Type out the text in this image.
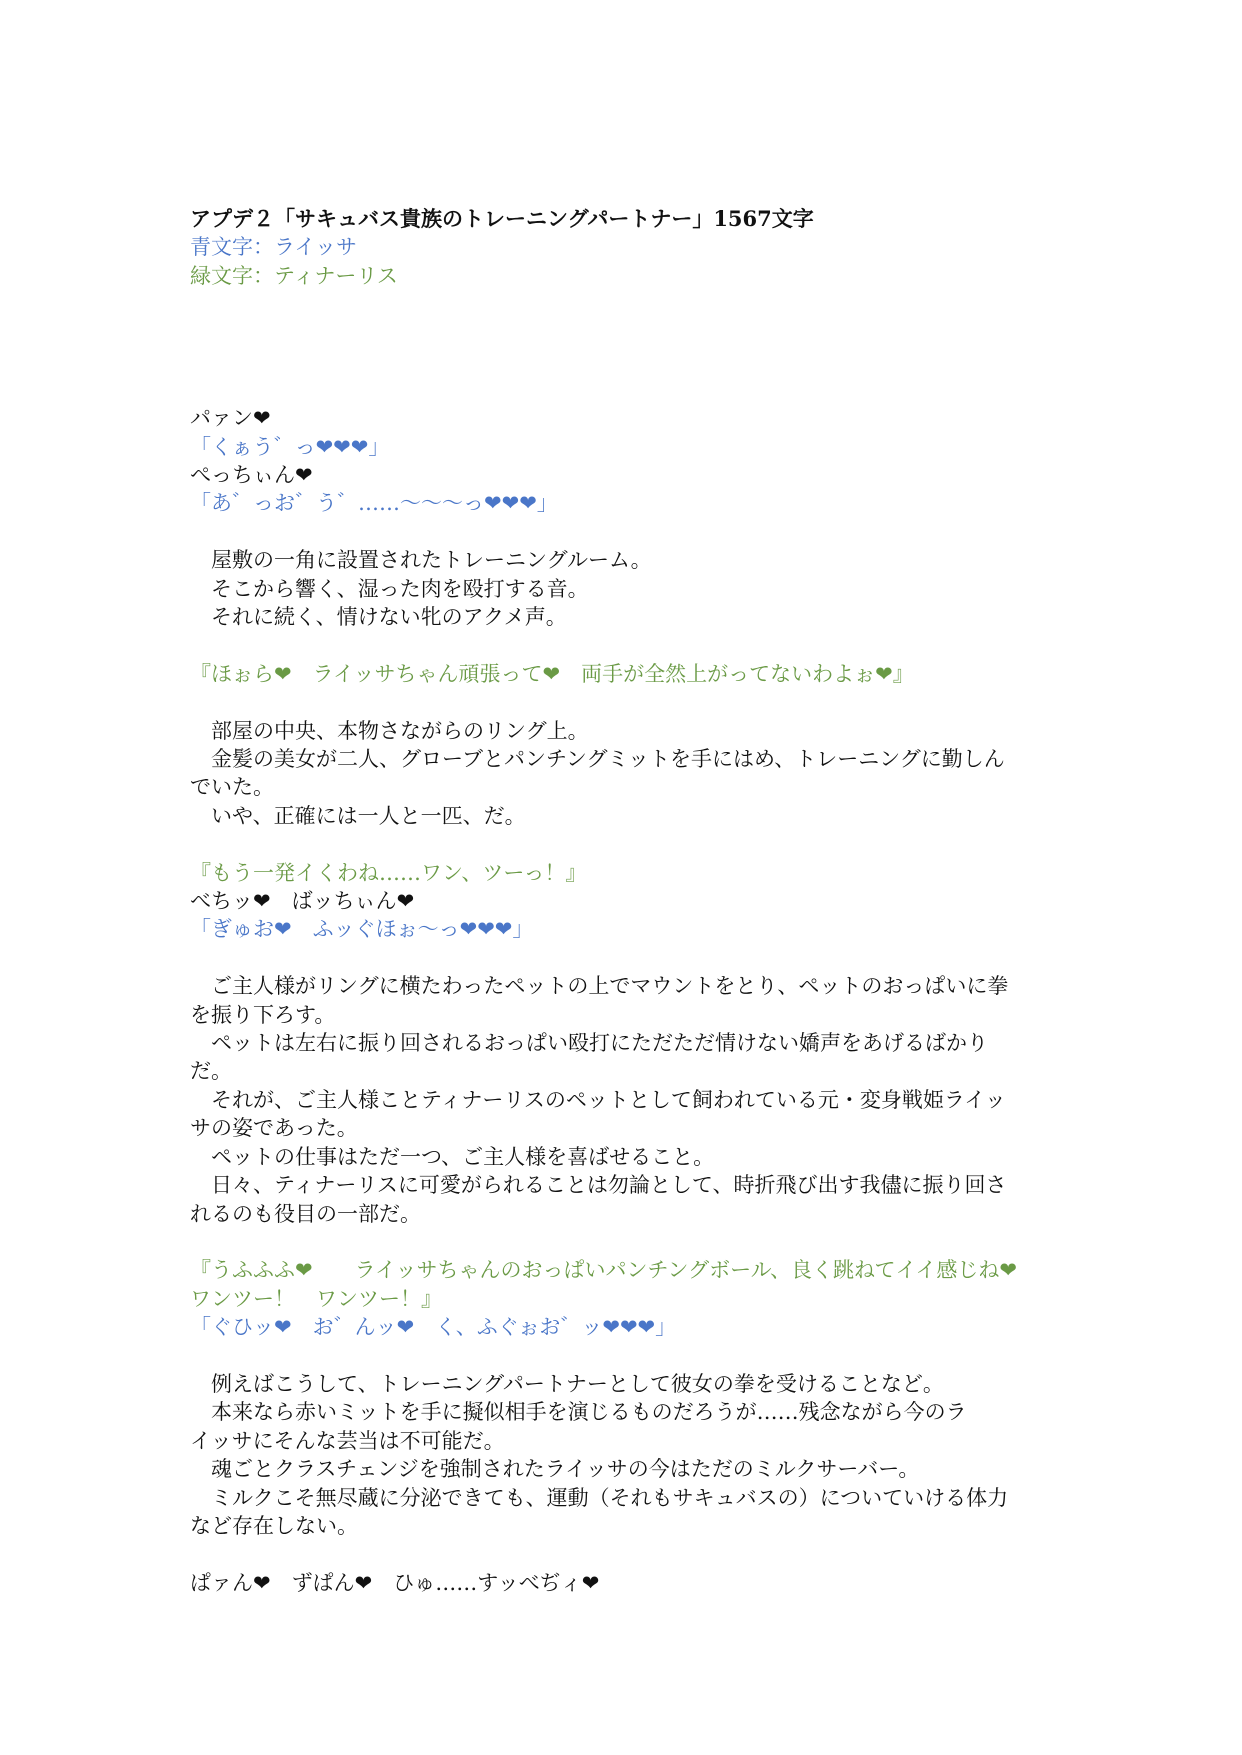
アプデ２「サキュバス貴族のトレーニングパートナー」1567文字
青文字：ライッサ
緑文字：ティナーリス
パァン❤
「くぁう゛っ❤❤❤」
ぺっちぃん❤
「あ゛っお゛う゛……〜〜〜っ❤❤❤」
　屋敷の一角に設置されたトレーニングルーム。
　そこから響く、湿った肉を殴打する音。
　それに続く、情けない牝のアクメ声。
『ほぉら❤　ライッサちゃん頑張って❤　両手が全然上がってないわよぉ❤』
　部屋の中央、本物さながらのリング上。
　金髪の美女が二人、グローブとパンチングミットを手にはめ、トレーニングに勤しん
でいた。
　いや、正確には一人と一匹、だ。
『もう一発イくわね……ワン、ツーっ！』
べちッ❤　ばッちぃん❤
「ぎゅお❤　ふッぐほぉ〜っ❤❤❤」
　ご主人様がリングに横たわったペットの上でマウントをとり、ペットのおっぱいに拳
を振り下ろす。
　ペットは左右に振り回されるおっぱい殴打にただただ情けない嬌声をあげるばかり
だ。
　それが、ご主人様ことティナーリスのペットとして飼われている元・変身戦姫ライッ
サの姿であった。
　ペットの仕事はただ一つ、ご主人様を喜ばせること。
　日々、ティナーリスに可愛がられることは勿論として、時折飛び出す我儘に振り回さ
れるのも役目の一部だ。
『うふふふ❤　　ライッサちゃんのおっぱいパンチングボール、良く跳ねてイイ感じね❤
ワンツー！　ワンツー！』
「ぐひッ❤　お゛んッ❤　く、ふぐぉお゛ッ❤❤❤」
　例えばこうして、トレーニングパートナーとして彼女の拳を受けることなど。
　本来なら赤いミットを手に擬似相手を演じるものだろうが……残念ながら今のラ
イッサにそんな芸当は不可能だ。
　魂ごとクラスチェンジを強制されたライッサの今はただのミルクサーバー。
　ミルクこそ無尽蔵に分泌できても、運動（それもサキュバスの）についていける体力
など存在しない。
ぱァん❤　ずぱん❤　ひゅ……すッべぢィ❤
